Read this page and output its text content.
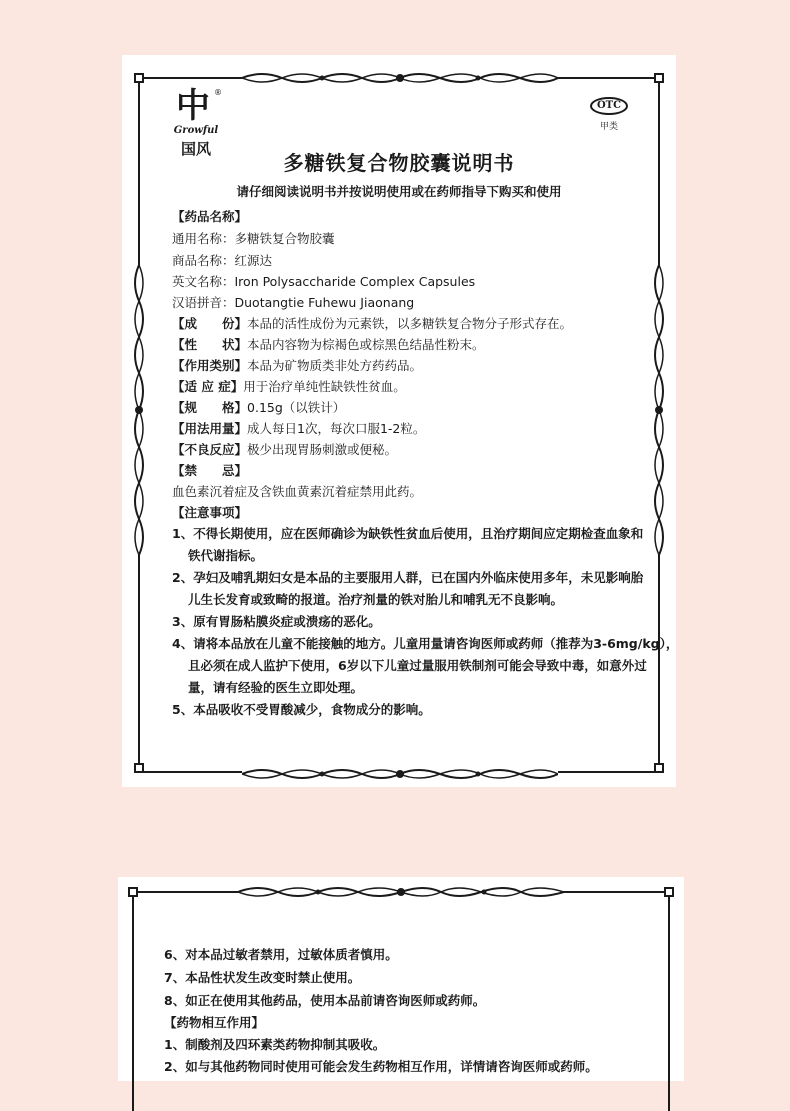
中 ®
Growful
国风
OTC
甲类
多糖铁复合物胶囊说明书
请仔细阅读说明书并按说明使用或在药师指导下购买和使用
【药品名称】
通用名称：多糖铁复合物胶囊
商品名称：红源达
英文名称：Iron Polysaccharide Complex Capsules
汉语拼音：Duotangtie Fuhewu Jiaonang
【成　　份】本品的活性成份为元素铁，以多糖铁复合物分子形式存在。
【性　　状】本品内容物为棕褐色或棕黑色结晶性粉末。
【作用类别】本品为矿物质类非处方药药品。
【适 应 症】用于治疗单纯性缺铁性贫血。
【规　　格】0.15g（以铁计）
【用法用量】成人每日1次，每次口服1-2粒。
【不良反应】极少出现胃肠刺激或便秘。
【禁　　忌】
血色素沉着症及含铁血黄素沉着症禁用此药。
【注意事项】
1、不得长期使用，应在医师确诊为缺铁性贫血后使用，且治疗期间应定期检查血象和
铁代谢指标。
2、孕妇及哺乳期妇女是本品的主要服用人群，已在国内外临床使用多年，未见影响胎
儿生长发育或致畸的报道。治疗剂量的铁对胎儿和哺乳无不良影响。
3、原有胃肠粘膜炎症或溃疡的恶化。
4、请将本品放在儿童不能接触的地方。儿童用量请咨询医师或药师（推荐为3-6mg/kg），
且必须在成人监护下使用，6岁以下儿童过量服用铁制剂可能会导致中毒，如意外过
量，请有经验的医生立即处理。
5、本品吸收不受胃酸减少，食物成分的影响。
6、对本品过敏者禁用，过敏体质者慎用。
7、本品性状发生改变时禁止使用。
8、如正在使用其他药品，使用本品前请咨询医师或药师。
【药物相互作用】
1、制酸剂及四环素类药物抑制其吸收。
2、如与其他药物同时使用可能会发生药物相互作用，详情请咨询医师或药师。
